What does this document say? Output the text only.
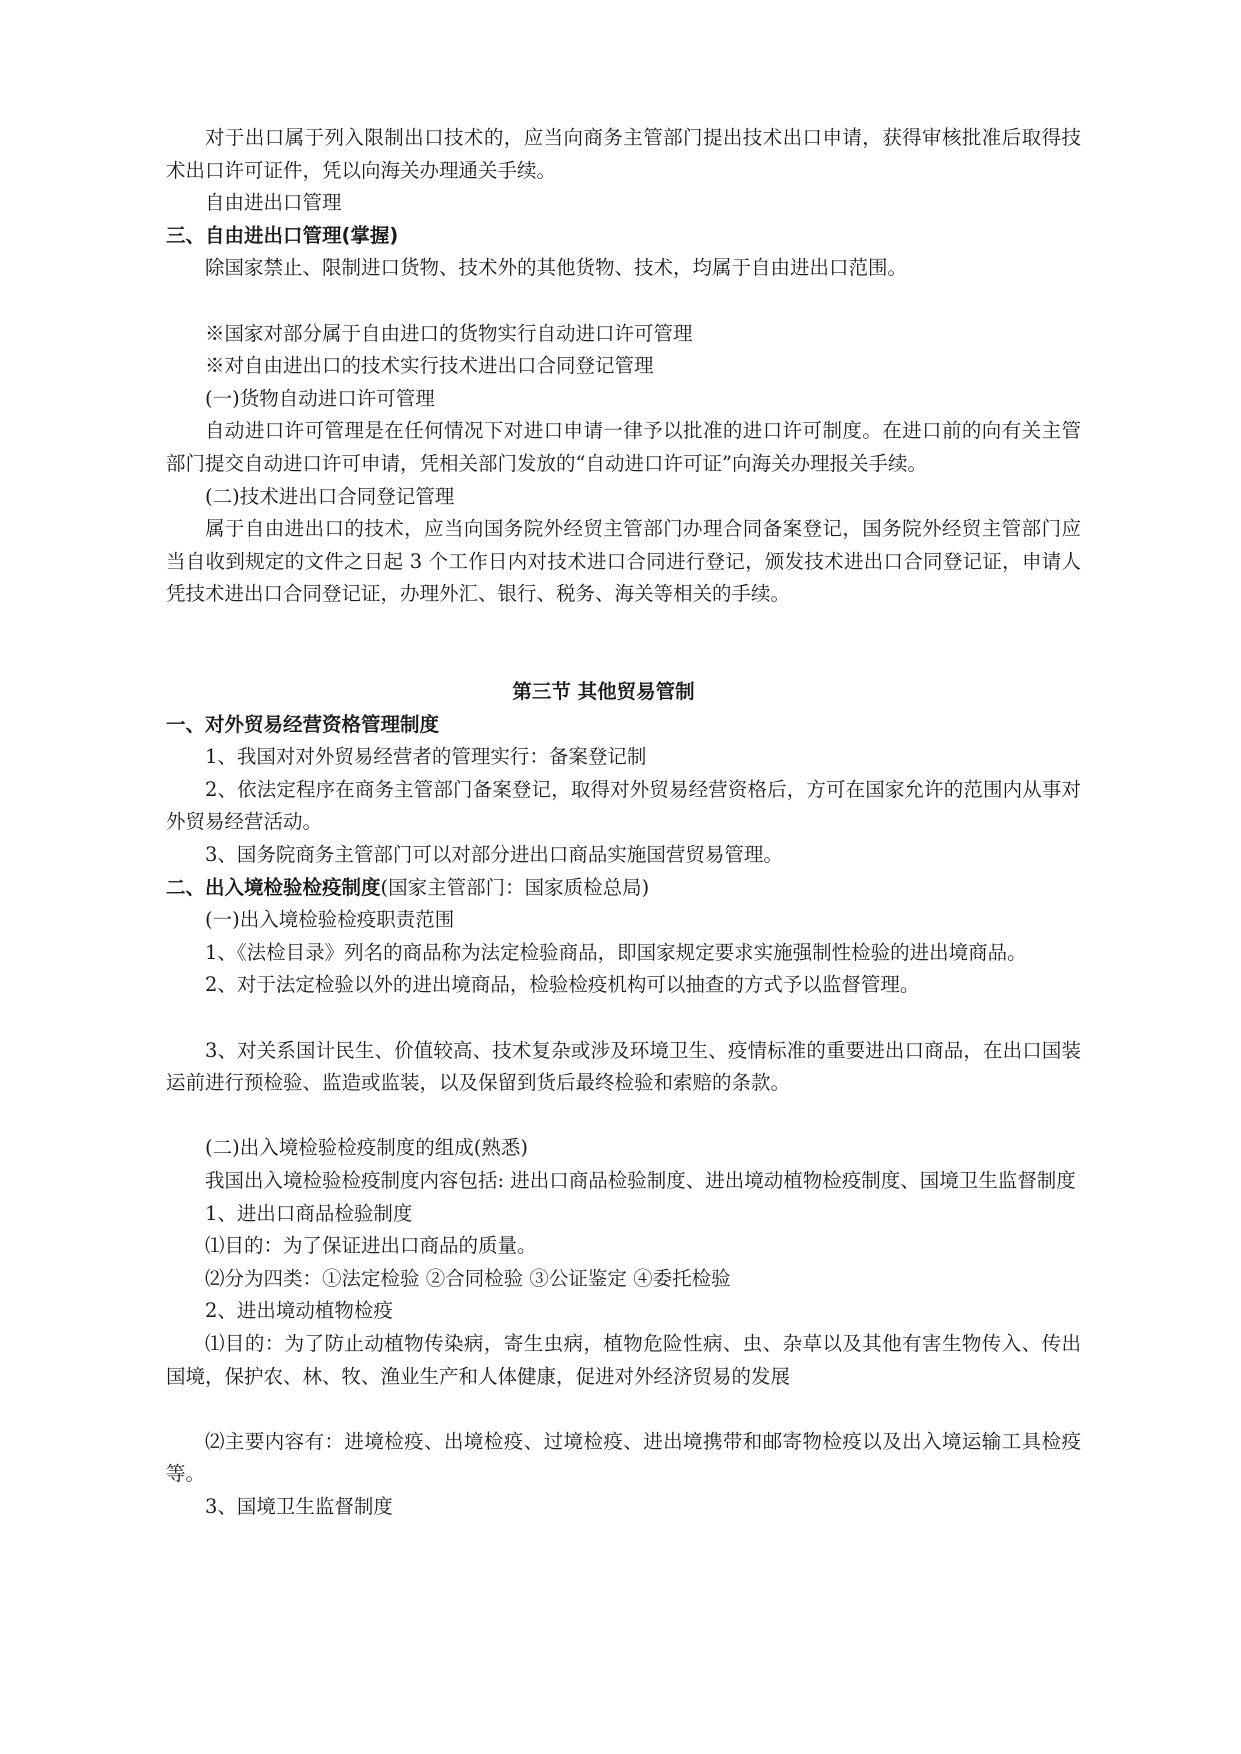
对于出口属于列入限制出口技术的，应当向商务主管部门提出技术出口申请，获得审核批准后取得技术出口许可证件，凭以向海关办理通关手续。

自由进出口管理

三、自由进出口管理(掌握)

除国家禁止、限制进口货物、技术外的其他货物、技术，均属于自由进出口范围。

※国家对部分属于自由进口的货物实行自动进口许可管理

※对自由进出口的技术实行技术进出口合同登记管理

(一)货物自动进口许可管理

自动进口许可管理是在任何情况下对进口申请一律予以批准的进口许可制度。在进口前的向有关主管部门提交自动进口许可申请，凭相关部门发放的“自动进口许可证”向海关办理报关手续。

(二)技术进出口合同登记管理

属于自由进出口的技术，应当向国务院外经贸主管部门办理合同备案登记，国务院外经贸主管部门应当自收到规定的文件之日起 3 个工作日内对技术进口合同进行登记，颁发技术进出口合同登记证，申请人凭技术进出口合同登记证，办理外汇、银行、税务、海关等相关的手续。

第三节 其他贸易管制

一、对外贸易经营资格管理制度

1、我国对对外贸易经营者的管理实行：备案登记制

2、依法定程序在商务主管部门备案登记，取得对外贸易经营资格后，方可在国家允许的范围内从事对外贸易经营活动。

3、国务院商务主管部门可以对部分进出口商品实施国营贸易管理。

二、出入境检验检疫制度(国家主管部门：国家质检总局)

(一)出入境检验检疫职责范围

1、《法检目录》列名的商品称为法定检验商品，即国家规定要求实施强制性检验的进出境商品。

2、对于法定检验以外的进出境商品，检验检疫机构可以抽查的方式予以监督管理。

3、对关系国计民生、价值较高、技术复杂或涉及环境卫生、疫情标准的重要进出口商品，在出口国装运前进行预检验、监造或监装，以及保留到货后最终检验和索赔的条款。

(二)出入境检验检疫制度的组成(熟悉)

我国出入境检验检疫制度内容包括: 进出口商品检验制度、进出境动植物检疫制度、国境卫生监督制度

1、进出口商品检验制度

⑴目的：为了保证进出口商品的质量。

⑵分为四类：①法定检验 ②合同检验 ③公证鉴定 ④委托检验

2、进出境动植物检疫

⑴目的：为了防止动植物传染病，寄生虫病，植物危险性病、虫、杂草以及其他有害生物传入、传出国境，保护农、林、牧、渔业生产和人体健康，促进对外经济贸易的发展

⑵主要内容有：进境检疫、出境检疫、过境检疫、进出境携带和邮寄物检疫以及出入境运输工具检疫等。

3、国境卫生监督制度
